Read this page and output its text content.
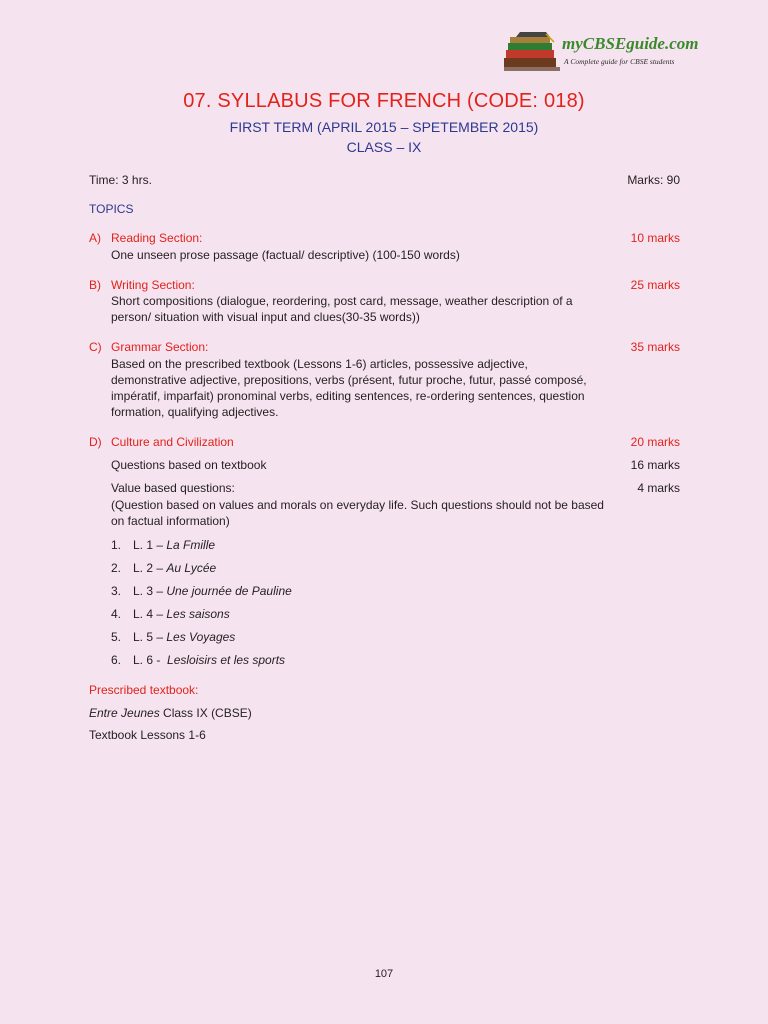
myCBSEguide.com
A Complete guide for CBSE students
07. SYLLABUS FOR FRENCH (CODE: 018)
FIRST TERM (APRIL 2015 – SPETEMBER 2015)
CLASS – IX
Time: 3 hrs.	Marks: 90
TOPICS
A) Reading Section:	10 marks
One unseen prose passage (factual/ descriptive) (100-150 words)
B) Writing Section:	25 marks
Short compositions (dialogue, reordering, post card, message, weather description of a
person/ situation with visual input and clues(30-35 words))
C) Grammar Section:	35 marks
Based on the prescribed textbook (Lessons 1-6) articles, possessive adjective,
demonstrative adjective, prepositions, verbs (présent, futur proche, futur, passé composé,
impératif, imparfait) pronominal verbs, editing sentences, re-ordering sentences, question
formation, qualifying adjectives.
D) Culture and Civilization	20 marks
Questions based on textbook	16 marks
Value based questions:	4 marks
(Question based on values and morals on everyday life. Such questions should not be based
on factual information)
1. L. 1 – La Fmille
2. L. 2 – Au Lycée
3. L. 3 – Une journée de Pauline
4. L. 4 – Les saisons
5. L. 5 – Les Voyages
6. L. 6 -  Lesloisirs et les sports
Prescribed textbook:
Entre Jeunes Class IX (CBSE)
Textbook Lessons 1-6
107
